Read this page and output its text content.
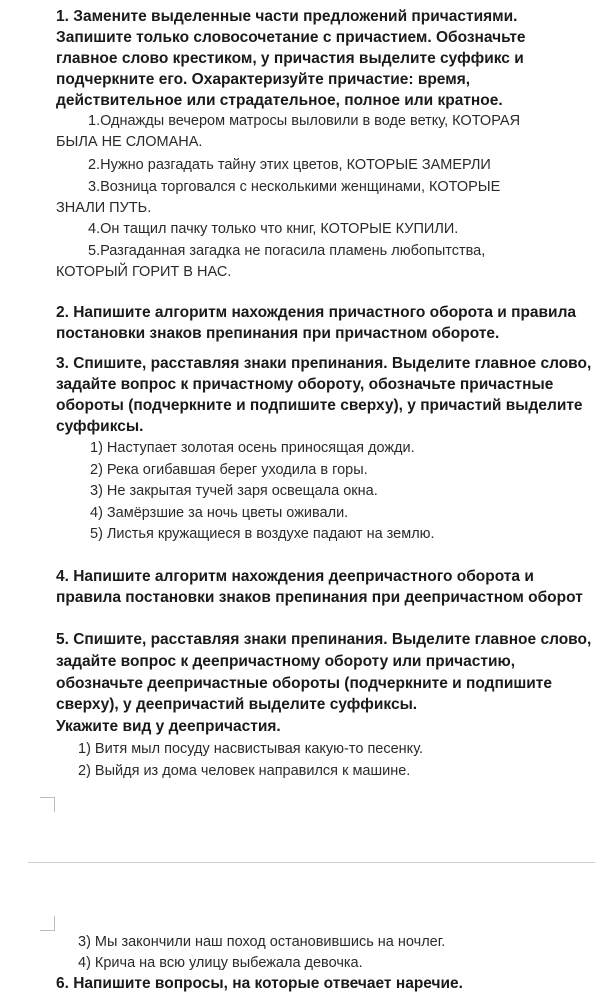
1. Замените выделенные части предложений причастиями.
Запишите только словосочетание с причастием. Обозначьте
главное слово крестиком, у причастия выделите суффикс и
подчеркните его. Охарактеризуйте причастие: время,
действительное или страдательное, полное или кратное.
1.Однажды вечером матросы выловили в воде ветку, КОТОРАЯ
БЫЛА НЕ СЛОМАНА.
2.Нужно разгадать тайну этих цветов, КОТОРЫЕ ЗАМЕРЛИ
3.Возница торговался с несколькими женщинами, КОТОРЫЕ
ЗНАЛИ ПУТЬ.
4.Он тащил пачку только что книг, КОТОРЫЕ КУПИЛИ.
5.Разгаданная загадка не погасила пламень любопытства,
КОТОРЫЙ ГОРИТ В НАС.
2. Напишите алгоритм нахождения причастного оборота и правила
постановки знаков препинания при причастном обороте.
3. Спишите, расставляя знаки препинания. Выделите главное слово,
задайте вопрос к причастному обороту, обозначьте причастные
обороты (подчеркните и подпишите сверху), у причастий выделите
суффиксы.
1) Наступает золотая осень приносящая дожди.
2) Река огибавшая берег уходила в горы.
3) Не закрытая тучей заря освещала окна.
4) Замёрзшие за ночь цветы оживали.
5) Листья кружащиеся в воздухе падают на землю.
4. Напишите алгоритм нахождения деепричастного оборота и
правила постановки знаков препинания при деепричастном оборот
5. Спишите, расставляя знаки препинания. Выделите главное слово,
задайте вопрос к деепричастному обороту или причастию,
обозначьте деепричастные обороты (подчеркните и подпишите
сверху), у деепричастий выделите суффиксы.
Укажите вид у деепричастия.
1) Витя мыл посуду насвистывая какую-то песенку.
2) Выйдя из дома человек направился к машине.
3) Мы закончили наш поход остановившись на ночлег.
4) Крича на всю улицу выбежала девочка.
6. Напишите вопросы, на которые отвечает наречие.
